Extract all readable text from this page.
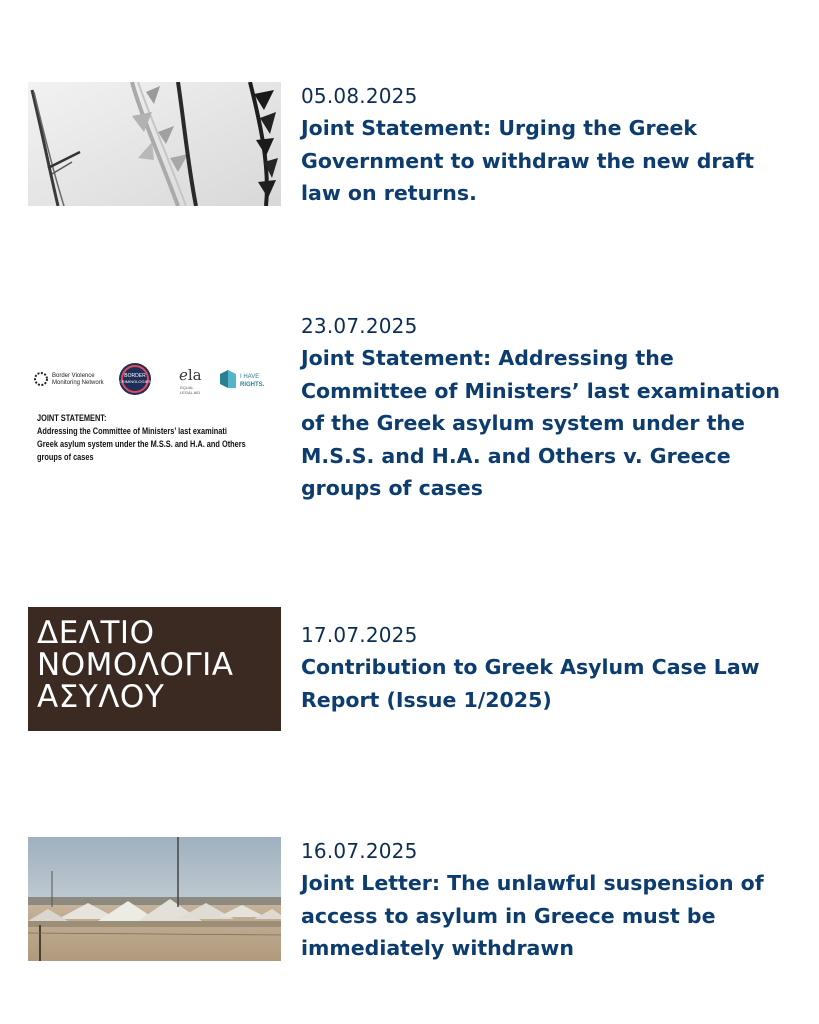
05.08.2025
Joint Statement: Urging the Greek
Government to withdraw the new draft
law on returns.
Border Violence
Monitoring Network
BORDER
CRIMINOLOGIES ℯla
EQUAL
LEGAL AID
I HAVE
RIGHTS.
JOINT STATEMENT:
Addressing the Committee of Ministers’ last examinati
Greek asylum system under the M.S.S. and H.A. and Others
groups of cases
23.07.2025
Joint Statement: Addressing the
Committee of Ministers’ last examination
of the Greek asylum system under the
M.S.S. and H.A. and Others v. Greece
groups of cases
ΔΕΛΤΙΟ
ΝΟΜΟΛΟΓΙΑ
ΑΣΥΛΟΥ
17.07.2025
Contribution to Greek Asylum Case Law
Report (Issue 1/2025)
16.07.2025
Joint Letter: The unlawful suspension of
access to asylum in Greece must be
immediately withdrawn
